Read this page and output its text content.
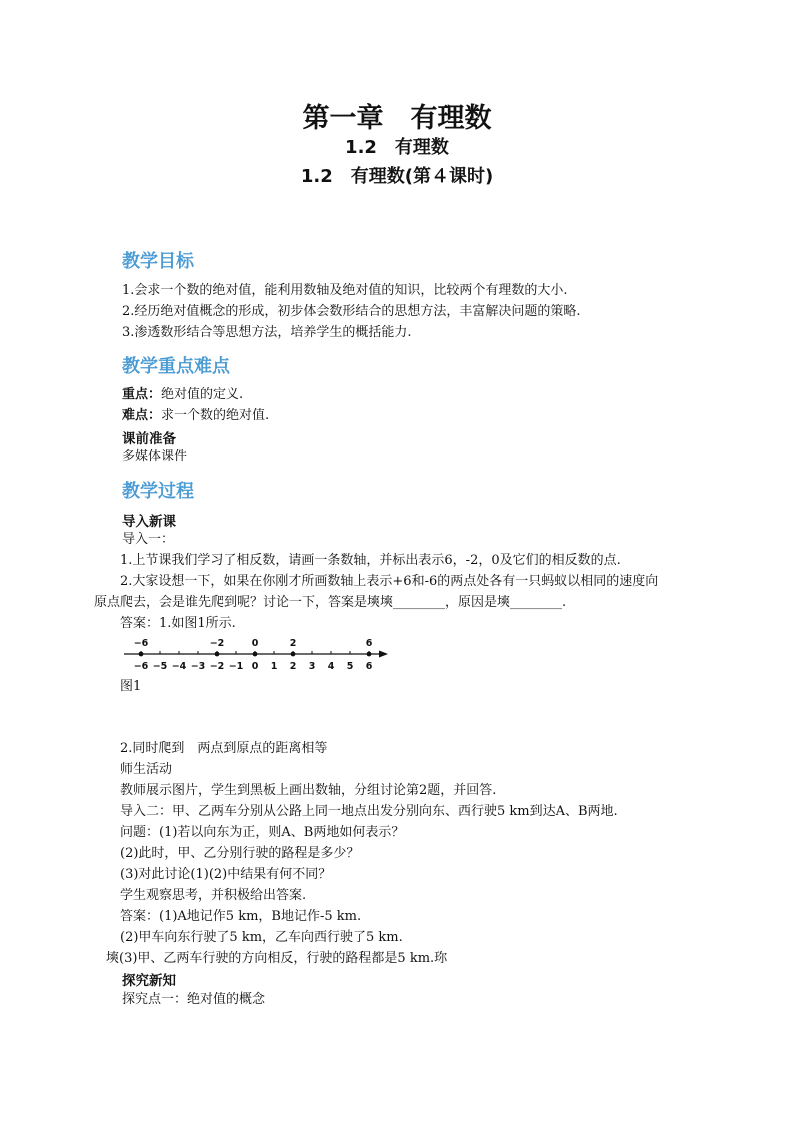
第一章　有理数
1.2　有理数
1.2　有理数(第４课时)
教学目标
1.会求一个数的绝对值，能利用数轴及绝对值的知识，比较两个有理数的大小.
2.经历绝对值概念的形成，初步体会数形结合的思想方法，丰富解决问题的策略.
3.渗透数形结合等思想方法，培养学生的概括能力.
教学重点难点
重点：绝对值的定义.
难点：求一个数的绝对值.
课前准备
多媒体课件
教学过程
导入新课
导入一：
1.上节课我们学习了相反数，请画一条数轴，并标出表示6，-2，0及它们的相反数的点.
2.大家设想一下，如果在你刚才所画数轴上表示+6和-6的两点处各有一只蚂蚁以相同的速度向
原点爬去，会是谁先爬到呢？讨论一下，答案是塽塽________，原因是塽________.
答案：1.如图1所示.
−6 −5 −4 −3 −2 −1 0 1 2 3 4 5 6
−6	−2	0	2	6
图1
2.同时爬到　两点到原点的距离相等
师生活动
教师展示图片，学生到黑板上画出数轴，分组讨论第2题，并回答.
导入二：甲、乙两车分别从公路上同一地点出发分别向东、西行驶5 km到达A、B两地.
问题：(1)若以向东为正，则A、B两地如何表示？
(2)此时，甲、乙分别行驶的路程是多少？
(3)对此讨论(1)(2)中结果有何不同？
学生观察思考，并积极给出答案.
答案：(1)A地记作5 km，B地记作-5 km.
(2)甲车向东行驶了5 km，乙车向西行驶了5 km.
塽(3)甲、乙两车行驶的方向相反，行驶的路程都是5 km.珎
探究新知
探究点一：绝对值的概念
